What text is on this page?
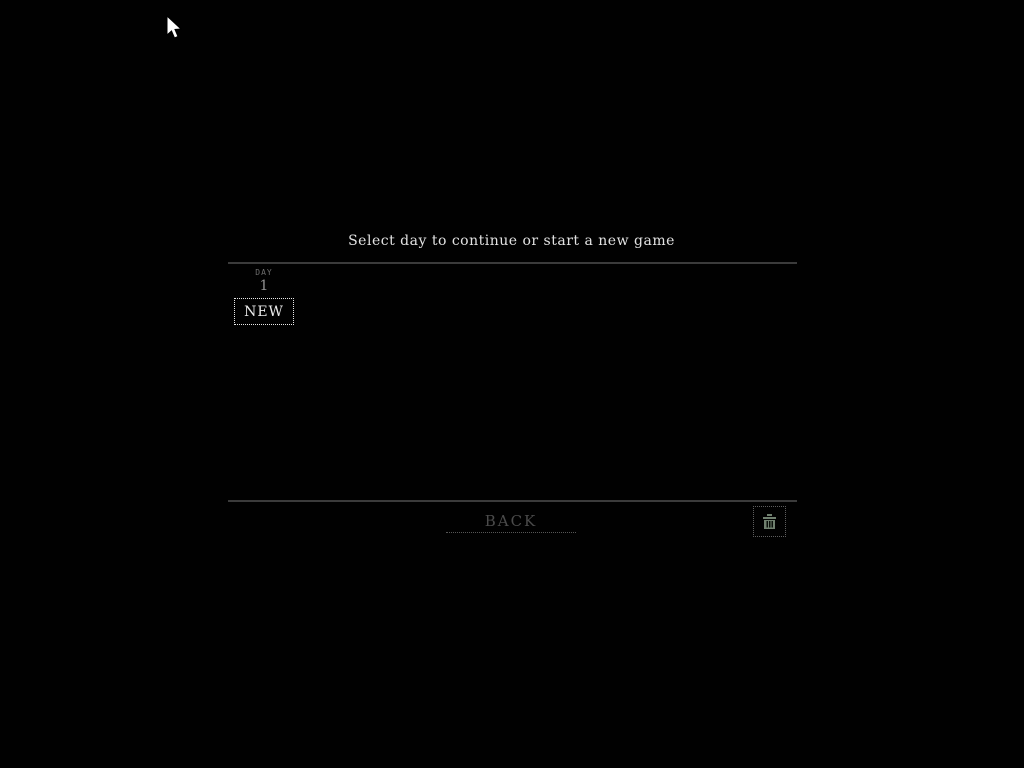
Select day to continue or start a new game
DAY
1
NEW
BACK
